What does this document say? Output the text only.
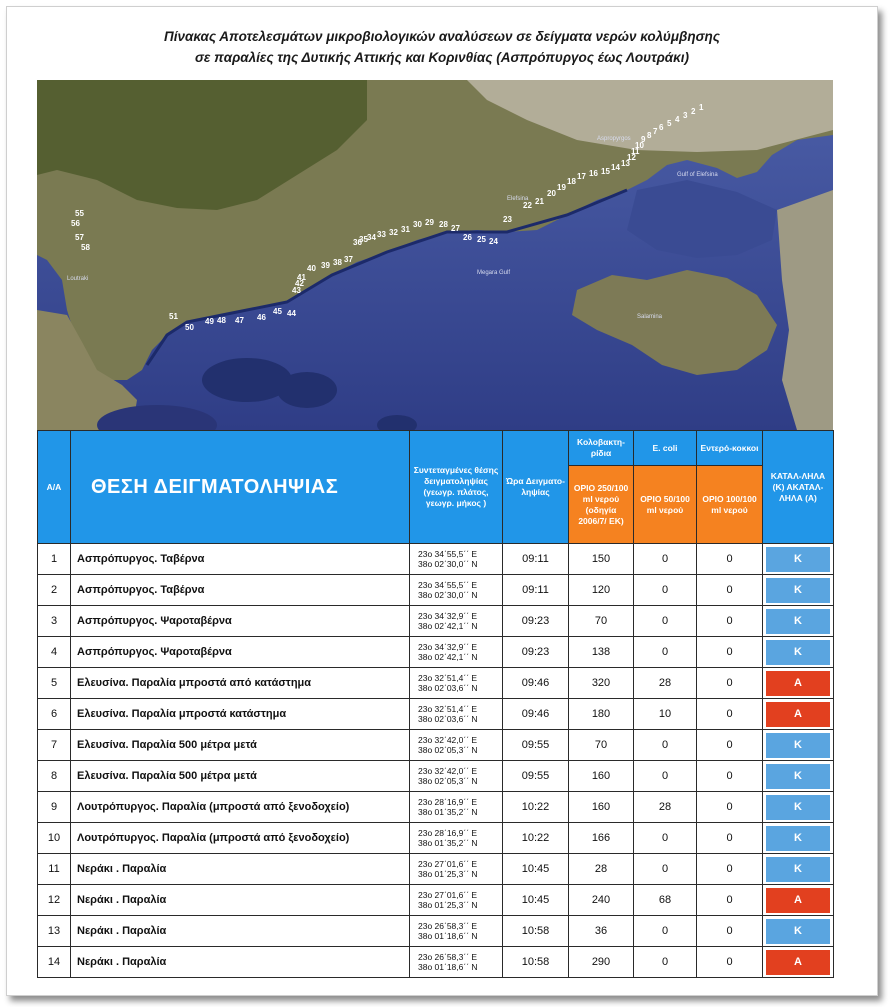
Πίνακας Αποτελεσμάτων μικροβιολογικών αναλύσεων σε δείγματα νερών κολύμβησης
σε παραλίες της Δυτικής Αττικής και Κορινθίας (Ασπρόπυργος έως Λουτράκι)
55
56
57
58
51
50
49 48 47 46
45 44
43
42
41
40 39 38 37
36
35 34 33 32 31
30 29 28 27
26 25 24
23
22 21
20
19
18
17 16 15 14 13
12
11
10
9 8 7 6 5 4 3 2 1
Gulf of Elefsina
Megara Gulf
Salamina
Elefsina
Loutraki
Aspropyrgos
Α/Α	ΘΕΣΗ ΔΕΙΓΜΑΤΟΛΗΨΙΑΣ	Συντεταγμένες θέσης δειγματοληψίας (γεωγρ. πλάτος, γεωγρ. μήκος )	Ώρα Δειγματο-ληψίας	Κολοβακτη-ρίδια	E. coli	Εντερό-κοκκοι	ΚΑΤΑΛ-ΛΗΛΑ (Κ) ΑΚΑΤΑΛ-ΛΗΛΑ (Α)
				ΟΡΙΟ 250/100 ml νερού (οδηγία 2006/7/ ΕΚ)	ΟΡΙΟ 50/100 ml νερού	ΟΡΙΟ 100/100 ml νερού	
1	Ασπρόπυργος. Ταβέρνα	23o 34΄55,5΄΄ E
38o 02΄30,0΄΄ N	09:11	150	0	0	Κ

2	Ασπρόπυργος. Ταβέρνα	23o 34΄55,5΄΄ E
38o 02΄30,0΄΄ N	09:11	120	0	0	Κ

3	Ασπρόπυργος. Ψαροταβέρνα	23o 34΄32,9΄΄ E
38o 02΄42,1΄΄ N	09:23	70	0	0	Κ

4	Ασπρόπυργος. Ψαροταβέρνα	23o 34΄32,9΄΄ E
38o 02΄42,1΄΄ N	09:23	138	0	0	Κ

5	Ελευσίνα. Παραλία μπροστά από κατάστημα	23o 32΄51,4΄΄ E
38o 02΄03,6΄΄ N	09:46	320	28	0	Α

6	Ελευσίνα. Παραλία μπροστά κατάστημα	23o 32΄51,4΄΄ E
38o 02΄03,6΄΄ N	09:46	180	10	0	Α

7	Ελευσίνα. Παραλία 500 μέτρα μετά	23o 32΄42,0΄΄ E
38o 02΄05,3΄΄ N	09:55	70	0	0	Κ

8	Ελευσίνα. Παραλία 500 μέτρα μετά	23o 32΄42,0΄΄ E
38o 02΄05,3΄΄ N	09:55	160	0	0	Κ

9	Λουτρόπυργος. Παραλία (μπροστά από ξενοδοχείο)	23o 28΄16,9΄΄ E
38o 01΄35,2΄΄ N	10:22	160	28	0	Κ

10	Λουτρόπυργος. Παραλία (μπροστά από ξενοδοχείο)	23o 28΄16,9΄΄ E
38o 01΄35,2΄΄ N	10:22	166	0	0	Κ

11	Νεράκι . Παραλία	23o 27΄01,6΄΄ E
38o 01΄25,3΄΄ N	10:45	28	0	0	Κ

12	Νεράκι . Παραλία	23o 27΄01,6΄΄ E
38o 01΄25,3΄΄ N	10:45	240	68	0	Α

13	Νεράκι . Παραλία	23o 26΄58,3΄΄ E
38o 01΄18,6΄΄ N	10:58	36	0	0	Κ

14	Νεράκι . Παραλία	23o 26΄58,3΄΄ E
38o 01΄18,6΄΄ N	10:58	290	0	0	Α
